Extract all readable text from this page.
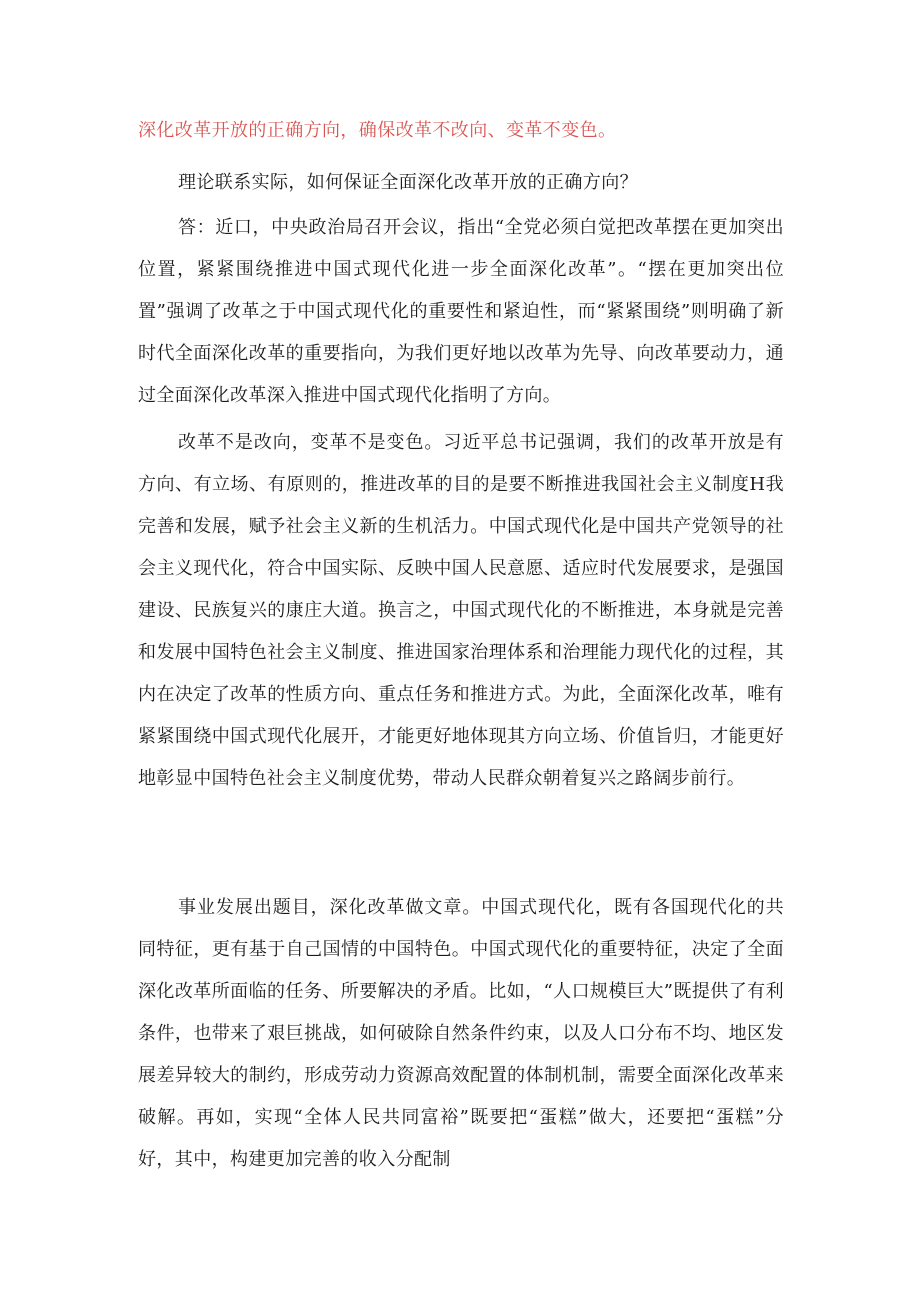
深化改革开放的正确方向，确保改革不改向、变革不变色。
理论联系实际，如何保证全面深化改革开放的正确方向？

答：近口，中央政治局召开会议，指出“全党必须白觉把改革摆在更加突出位置，紧紧围绕推进中国式现代化进一步全面深化改革”。“摆在更加突出位置”强调了改革之于中国式现代化的重要性和紧迫性，而“紧紧围绕”则明确了新时代全面深化改革的重要指向，为我们更好地以改革为先导、向改革要动力，通过全面深化改革深入推进中国式现代化指明了方向。

改革不是改向，变革不是变色。习近平总书记强调，我们的改革开放是有方向、有立场、有原则的，推进改革的目的是要不断推进我国社会主义制度H我完善和发展，赋予社会主义新的生机活力。中国式现代化是中国共产党领导的社会主义现代化，符合中国实际、反映中国人民意愿、适应时代发展要求，是强国建设、民族复兴的康庄大道。换言之，中国式现代化的不断推进，本身就是完善和发展中国特色社会主义制度、推进国家治理体系和治理能力现代化的过程，其内在决定了改革的性质方向、重点任务和推进方式。为此，全面深化改革，唯有紧紧围绕中国式现代化展开，才能更好地体现其方向立场、价值旨归，才能更好地彰显中国特色社会主义制度优势，带动人民群众朝着复兴之路阔步前行。

事业发展出题目，深化改革做文章。中国式现代化，既有各国现代化的共同特征，更有基于自己国情的中国特色。中国式现代化的重要特征，决定了全面深化改革所面临的任务、所要解决的矛盾。比如，“人口规模巨大”既提供了有利条件，也带来了艰巨挑战，如何破除自然条件约束，以及人口分布不均、地区发展差异较大的制约，形成劳动力资源高效配置的体制机制，需要全面深化改革来破解。再如，实现“全体人民共同富裕”既要把“蛋糕”做大，还要把“蛋糕”分好，其中，构建更加完善的收入分配制
